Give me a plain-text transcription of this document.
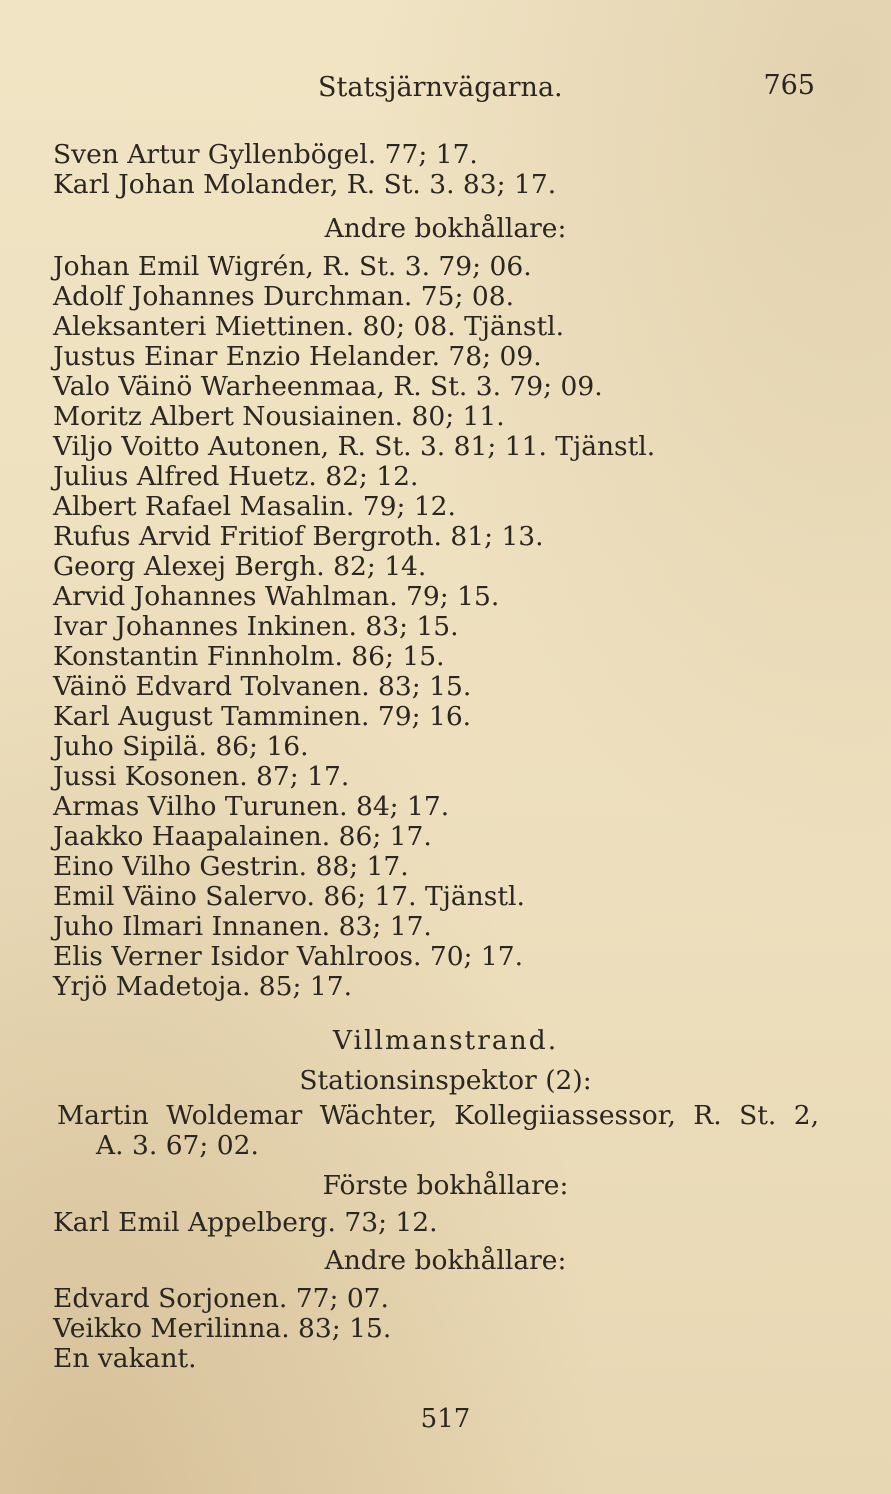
Statsjärnvägarna.	765
Sven Artur Gyllenbögel. 77; 17.
Karl Johan Molander, R. St. 3. 83; 17.
Andre bokhållare:
Johan Emil Wigrén, R. St. 3. 79; 06.
Adolf Johannes Durchman. 75; 08.
Aleksanteri Miettinen. 80; 08. Tjänstl.
Justus Einar Enzio Helander. 78; 09.
Valo Väinö Warheenmaa, R. St. 3. 79; 09.
Moritz Albert Nousiainen. 80; 11.
Viljo Voitto Autonen, R. St. 3. 81; 11. Tjänstl.
Julius Alfred Huetz. 82; 12.
Albert Rafael Masalin. 79; 12.
Rufus Arvid Fritiof Bergroth. 81; 13.
Georg Alexej Bergh. 82; 14.
Arvid Johannes Wahlman. 79; 15.
Ivar Johannes Inkinen. 83; 15.
Konstantin Finnholm. 86; 15.
Väinö Edvard Tolvanen. 83; 15.
Karl August Tamminen. 79; 16.
Juho Sipilä. 86; 16.
Jussi Kosonen. 87; 17.
Armas Vilho Turunen. 84; 17.
Jaakko Haapalainen. 86; 17.
Eino Vilho Gestrin. 88; 17.
Emil Väino Salervo. 86; 17. Tjänstl.
Juho Ilmari Innanen. 83; 17.
Elis Verner Isidor Vahlroos. 70; 17.
Yrjö Madetoja. 85; 17.
Villmanstrand.
Stationsinspektor (2):
Martin Woldemar Wächter, Kollegiiassessor, R. St. 2,
A. 3. 67; 02.
Förste bokhållare:
Karl Emil Appelberg. 73; 12.
Andre bokhållare:
Edvard Sorjonen. 77; 07.
Veikko Merilinna. 83; 15.
En vakant.
517
